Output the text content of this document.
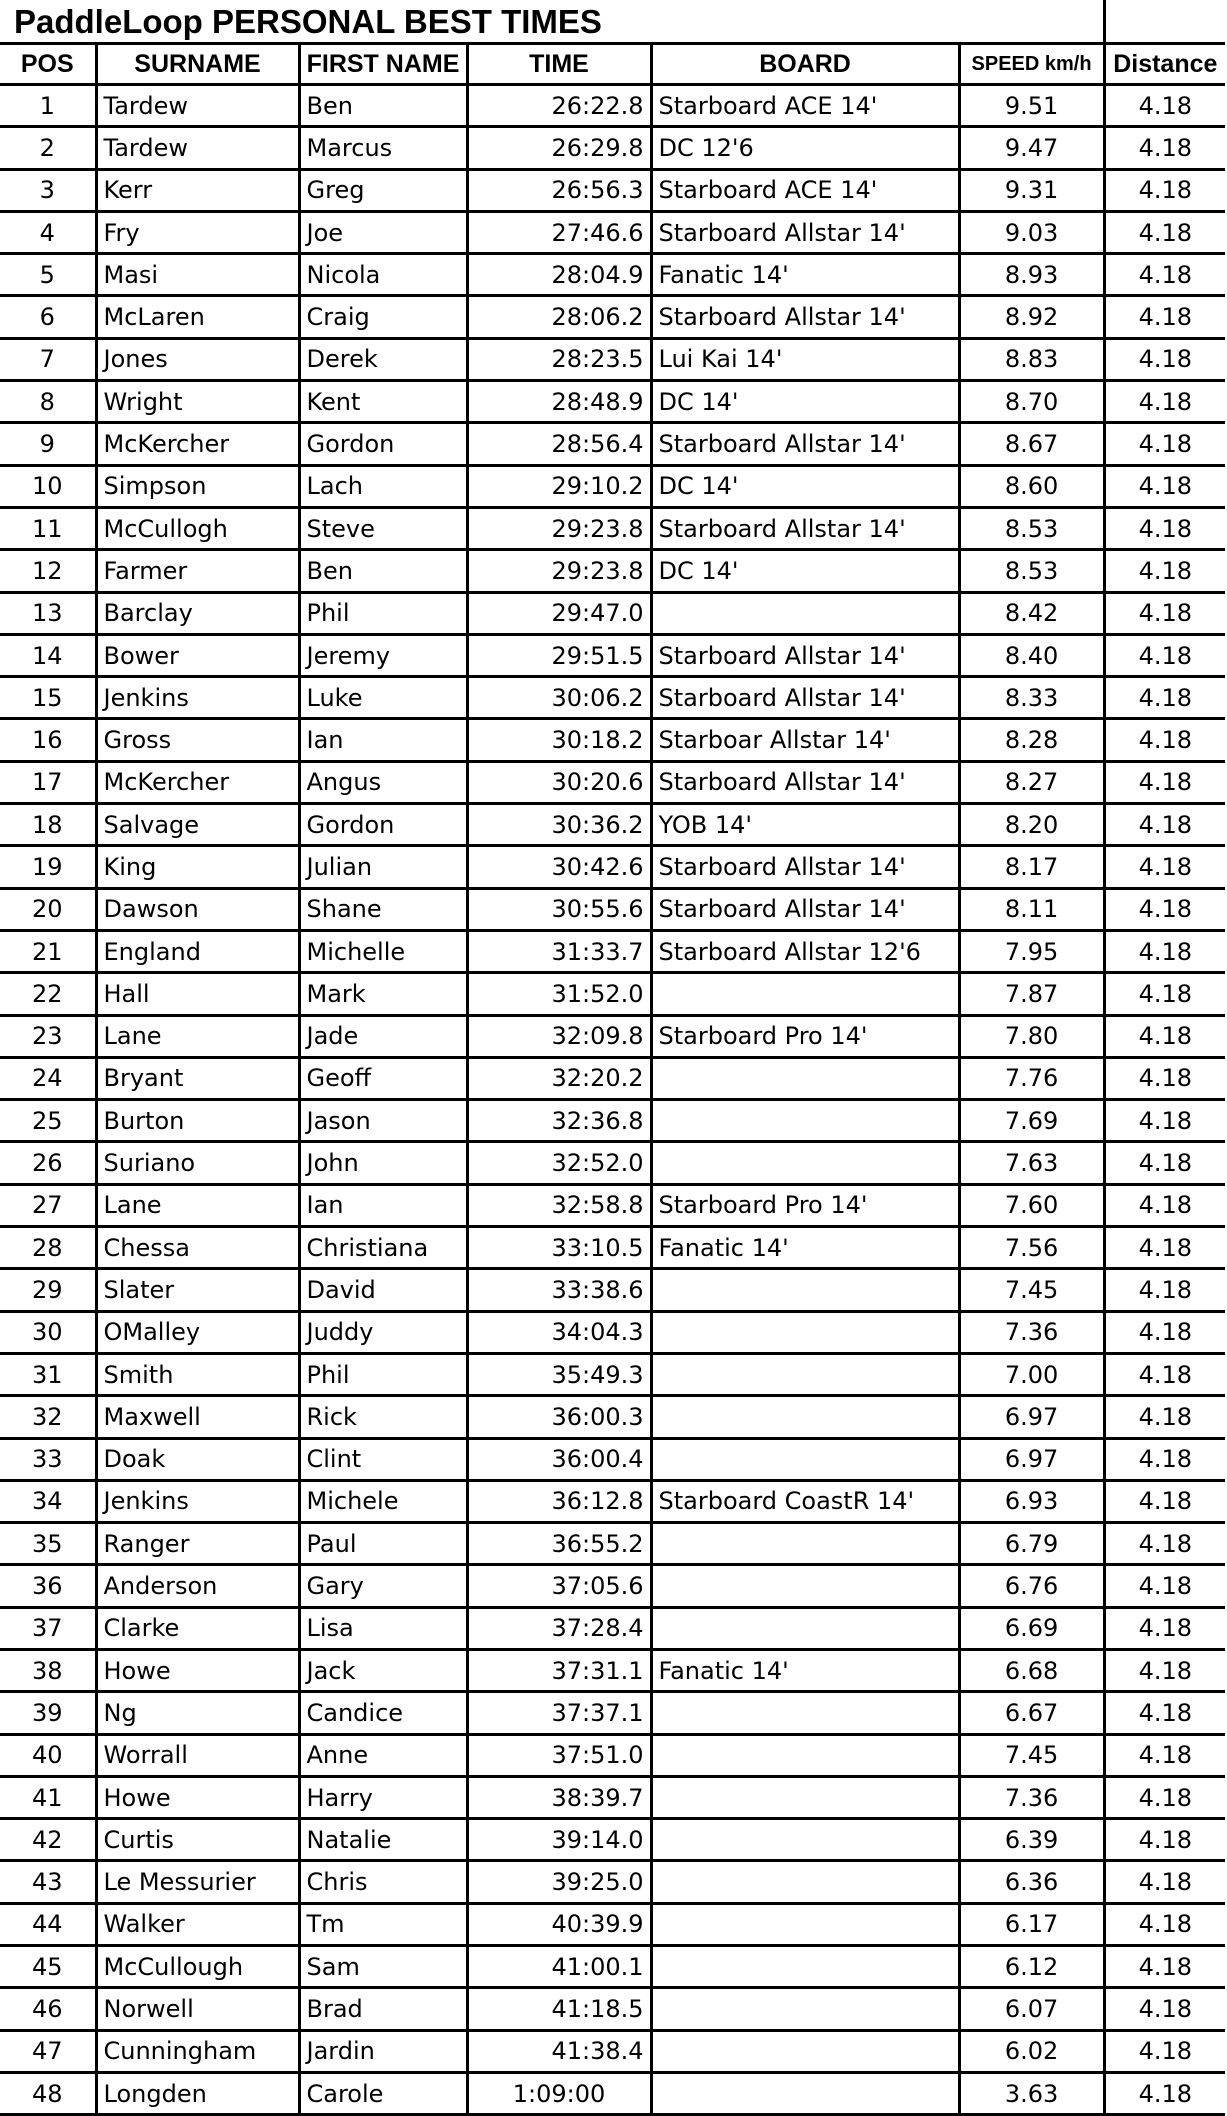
PaddleLoop PERSONAL BEST TIMES						
POS	SURNAME	FIRST NAME	TIME	BOARD	SPEED km/h	Distance
1	Tardew	Ben	26:22.8	Starboard ACE 14'	9.51	4.18
2	Tardew	Marcus	26:29.8	DC 12'6	9.47	4.18
3	Kerr	Greg	26:56.3	Starboard ACE 14'	9.31	4.18
4	Fry	Joe	27:46.6	Starboard Allstar 14'	9.03	4.18
5	Masi	Nicola	28:04.9	Fanatic 14'	8.93	4.18
6	McLaren	Craig	28:06.2	Starboard Allstar 14'	8.92	4.18
7	Jones	Derek	28:23.5	Lui Kai 14'	8.83	4.18
8	Wright	Kent	28:48.9	DC 14'	8.70	4.18
9	McKercher	Gordon	28:56.4	Starboard Allstar 14'	8.67	4.18
10	Simpson	Lach	29:10.2	DC 14'	8.60	4.18
11	McCullogh	Steve	29:23.8	Starboard Allstar 14'	8.53	4.18
12	Farmer	Ben	29:23.8	DC 14'	8.53	4.18
13	Barclay	Phil	29:47.0		8.42	4.18
14	Bower	Jeremy	29:51.5	Starboard Allstar 14'	8.40	4.18
15	Jenkins	Luke	30:06.2	Starboard Allstar 14'	8.33	4.18
16	Gross	Ian	30:18.2	Starboar Allstar 14'	8.28	4.18
17	McKercher	Angus	30:20.6	Starboard Allstar 14'	8.27	4.18
18	Salvage	Gordon	30:36.2	YOB 14'	8.20	4.18
19	King	Julian	30:42.6	Starboard Allstar 14'	8.17	4.18
20	Dawson	Shane	30:55.6	Starboard Allstar 14'	8.11	4.18
21	England	Michelle	31:33.7	Starboard Allstar 12'6	7.95	4.18
22	Hall	Mark	31:52.0		7.87	4.18
23	Lane	Jade	32:09.8	Starboard Pro 14'	7.80	4.18
24	Bryant	Geoff	32:20.2		7.76	4.18
25	Burton	Jason	32:36.8		7.69	4.18
26	Suriano	John	32:52.0		7.63	4.18
27	Lane	Ian	32:58.8	Starboard Pro 14'	7.60	4.18
28	Chessa	Christiana	33:10.5	Fanatic 14'	7.56	4.18
29	Slater	David	33:38.6		7.45	4.18
30	OMalley	Juddy	34:04.3		7.36	4.18
31	Smith	Phil	35:49.3		7.00	4.18
32	Maxwell	Rick	36:00.3		6.97	4.18
33	Doak	Clint	36:00.4		6.97	4.18
34	Jenkins	Michele	36:12.8	Starboard CoastR 14'	6.93	4.18
35	Ranger	Paul	36:55.2		6.79	4.18
36	Anderson	Gary	37:05.6		6.76	4.18
37	Clarke	Lisa	37:28.4		6.69	4.18
38	Howe	Jack	37:31.1	Fanatic 14'	6.68	4.18
39	Ng	Candice	37:37.1		6.67	4.18
40	Worrall	Anne	37:51.0		7.45	4.18
41	Howe	Harry	38:39.7		7.36	4.18
42	Curtis	Natalie	39:14.0		6.39	4.18
43	Le Messurier	Chris	39:25.0		6.36	4.18
44	Walker	Tm	40:39.9		6.17	4.18
45	McCullough	Sam	41:00.1		6.12	4.18
46	Norwell	Brad	41:18.5		6.07	4.18
47	Cunningham	Jardin	41:38.4		6.02	4.18
48	Longden	Carole	1:09:00		3.63	4.18
